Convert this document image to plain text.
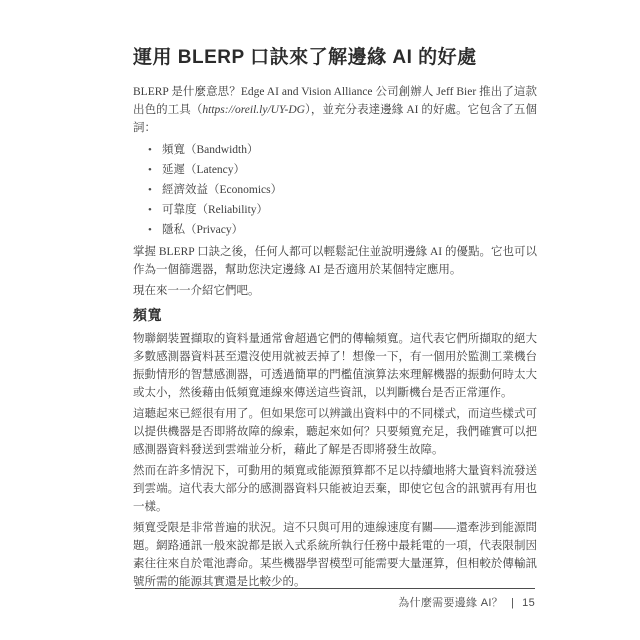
運用 BLERP 口訣來了解邊緣 AI 的好處

BLERP 是什麼意思？Edge AI and Vision Alliance 公司創辦人 Jeff Bier 推出了這款出色的工具（https://oreil.ly/UY-DG），並充分表達邊緣 AI 的好處。它包含了五個詞：

• 頻寬（Bandwidth）
• 延遲（Latency）
• 經濟效益（Economics）
• 可靠度（Reliability）
• 隱私（Privacy）

掌握 BLERP 口訣之後，任何人都可以輕鬆記住並說明邊緣 AI 的優點。它也可以作為一個篩選器，幫助您決定邊緣 AI 是否適用於某個特定應用。

現在來一一介紹它們吧。

頻寬

物聯網裝置擷取的資料量通常會超過它們的傳輸頻寬。這代表它們所擷取的絕大多數感測器資料甚至還沒使用就被丟掉了！想像一下，有一個用於監測工業機台振動情形的智慧感測器，可透過簡單的門檻值演算法來理解機器的振動何時太大或太小，然後藉由低頻寬連線來傳送這些資訊，以判斷機台是否正常運作。

這聽起來已經很有用了。但如果您可以辨識出資料中的不同樣式，而這些樣式可以提供機器是否即將故障的線索，聽起來如何？只要頻寬充足，我們確實可以把感測器資料發送到雲端並分析，藉此了解是否即將發生故障。

然而在許多情況下，可動用的頻寬或能源預算都不足以持續地將大量資料流發送到雲端。這代表大部分的感測器資料只能被迫丟棄，即使它包含的訊號再有用也一樣。

頻寬受限是非常普遍的狀況。這不只與可用的連線速度有關——還牽涉到能源問題。網路通訊一般來說都是嵌入式系統所執行任務中最耗電的一項，代表限制因素往往來自於電池壽命。某些機器學習模型可能需要大量運算，但相較於傳輸訊號所需的能源其實還是比較少的。

為什麼需要邊緣 AI？ | 15
